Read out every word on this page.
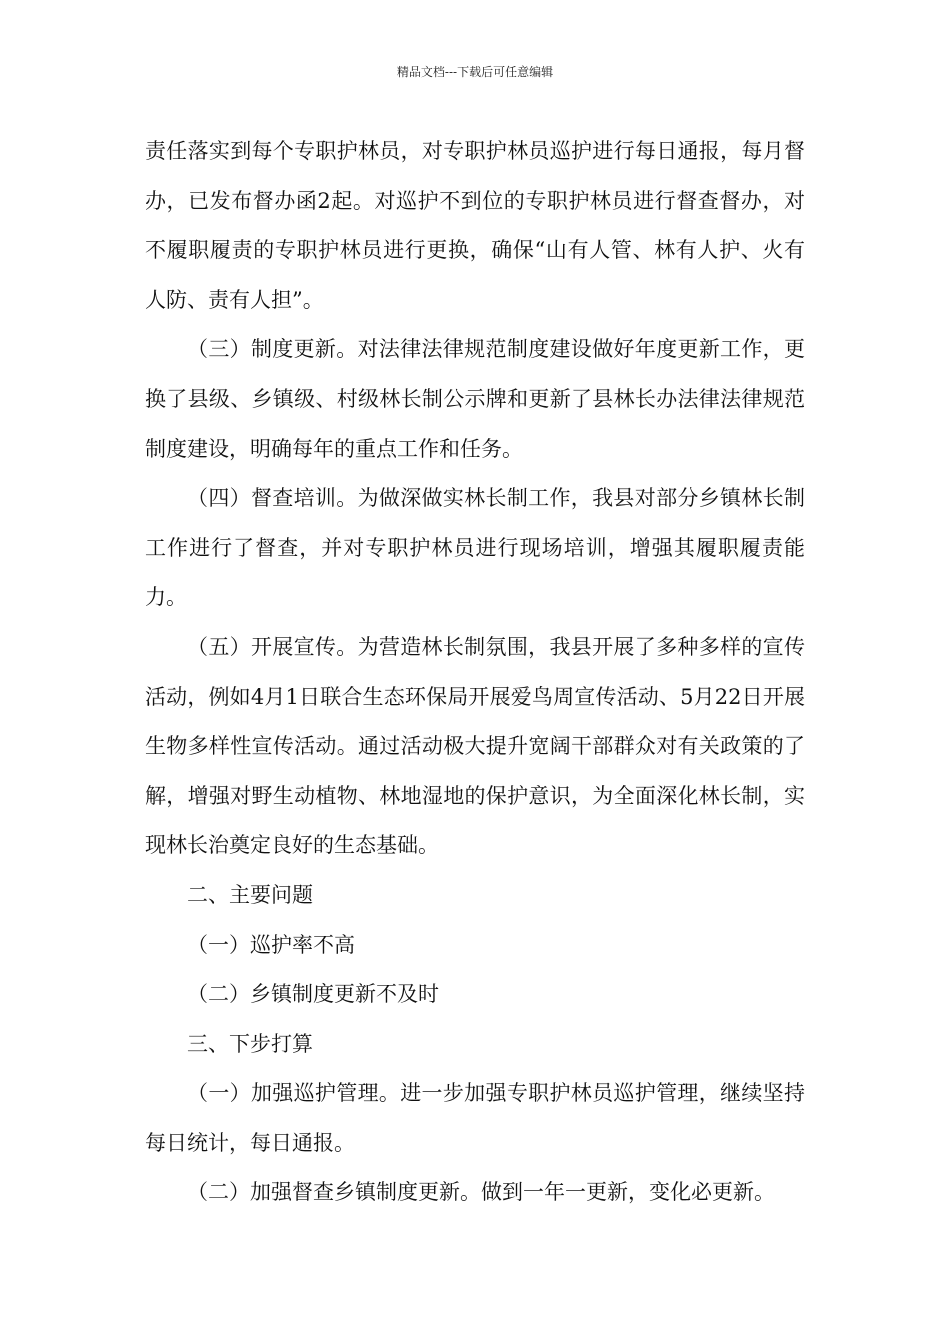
精品文档---下载后可任意编辑

责任落实到每个专职护林员，对专职护林员巡护进行每日通报，每月督办，已发布督办函2起。对巡护不到位的专职护林员进行督查督办，对不履职履责的专职护林员进行更换，确保“山有人管、林有人护、火有人防、责有人担”。

（三）制度更新。对法律法律规范制度建设做好年度更新工作，更换了县级、乡镇级、村级林长制公示牌和更新了县林长办法律法律规范制度建设，明确每年的重点工作和任务。

（四）督查培训。为做深做实林长制工作，我县对部分乡镇林长制工作进行了督查，并对专职护林员进行现场培训，增强其履职履责能力。

（五）开展宣传。为营造林长制氛围，我县开展了多种多样的宣传活动，例如4月1日联合生态环保局开展爱鸟周宣传活动、5月22日开展生物多样性宣传活动。通过活动极大提升宽阔干部群众对有关政策的了解，增强对野生动植物、林地湿地的保护意识，为全面深化林长制，实现林长治奠定良好的生态基础。

二、主要问题

（一）巡护率不高

（二）乡镇制度更新不及时

三、下步打算

（一）加强巡护管理。进一步加强专职护林员巡护管理，继续坚持每日统计，每日通报。

（二）加强督查乡镇制度更新。做到一年一更新，变化必更新。
